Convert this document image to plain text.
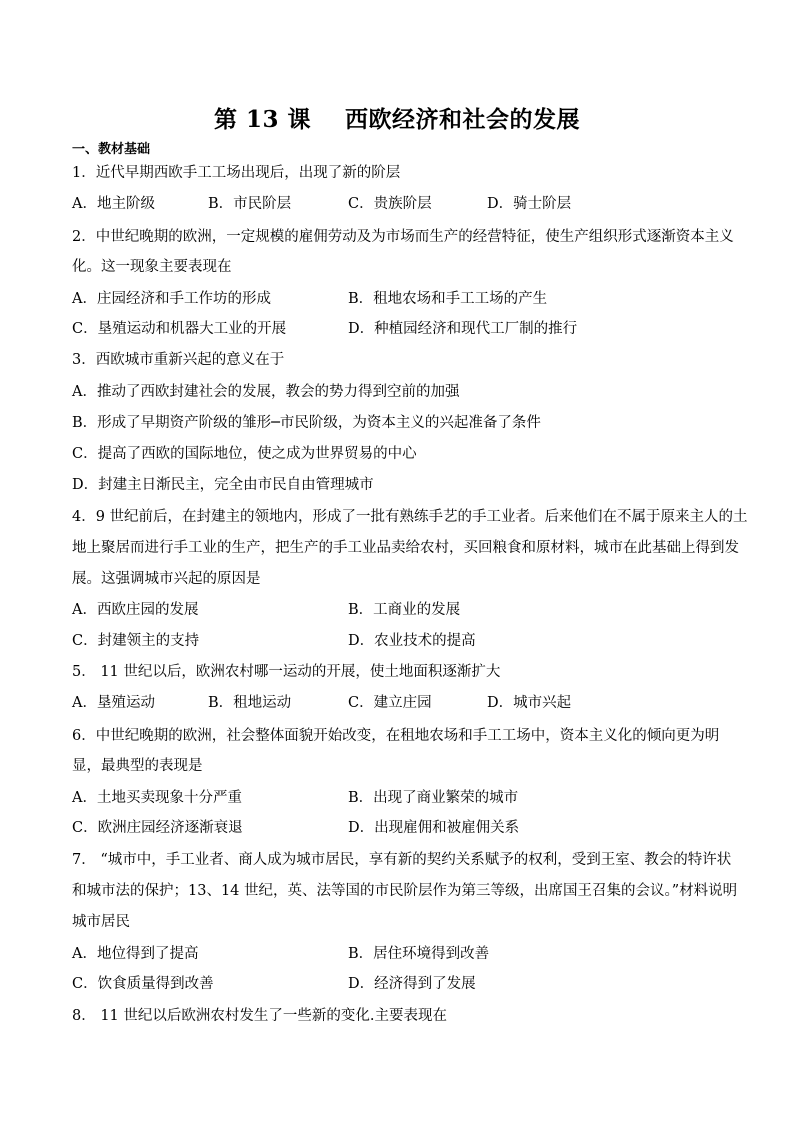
第 13 课    西欧经济和社会的发展
一、教材基础
1．近代早期西欧手工工场出现后，出现了新的阶层
A．地主阶级	B．市民阶层	C．贵族阶层	D．骑士阶层
2．中世纪晚期的欧洲，一定规模的雇佣劳动及为市场而生产的经营特征，使生产组织形式逐渐资本主义
化。这一现象主要表现在
A．庄园经济和手工作坊的形成	B．租地农场和手工工场的产生
C．垦殖运动和机器大工业的开展	D．种植园经济和现代工厂制的推行
3．西欧城市重新兴起的意义在于
A．推动了西欧封建社会的发展，教会的势力得到空前的加强
B．形成了早期资产阶级的雏形─市民阶级，为资本主义的兴起准备了条件
C．提高了西欧的国际地位，使之成为世界贸易的中心
D．封建主日渐民主，完全由市民自由管理城市
4．9 世纪前后，在封建主的领地内，形成了一批有熟练手艺的手工业者。后来他们在不属于原来主人的土
地上聚居而进行手工业的生产，把生产的手工业品卖给农村，买回粮食和原材料，城市在此基础上得到发
展。这强调城市兴起的原因是
A．西欧庄园的发展	B．工商业的发展
C．封建领主的支持	D．农业技术的提高
5． 11 世纪以后，欧洲农村哪一运动的开展，使土地面积逐渐扩大
A．垦殖运动	B．租地运动	C．建立庄园	D．城市兴起
6．中世纪晚期的欧洲，社会整体面貌开始改变，在租地农场和手工工场中，资本主义化的倾向更为明
显，最典型的表现是
A．土地买卖现象十分严重	B．出现了商业繁荣的城市
C．欧洲庄园经济逐渐衰退	D．出现雇佣和被雇佣关系
7． “城市中，手工业者、商人成为城市居民，享有新的契约关系赋予的权利，受到王室、教会的特许状
和城市法的保护；13、14 世纪，英、法等国的市民阶层作为第三等级，出席国王召集的会议。”材料说明
城市居民
A．地位得到了提高	B．居住环境得到改善
C．饮食质量得到改善	D．经济得到了发展
8． 11 世纪以后欧洲农村发生了一些新的变化.主要表现在
